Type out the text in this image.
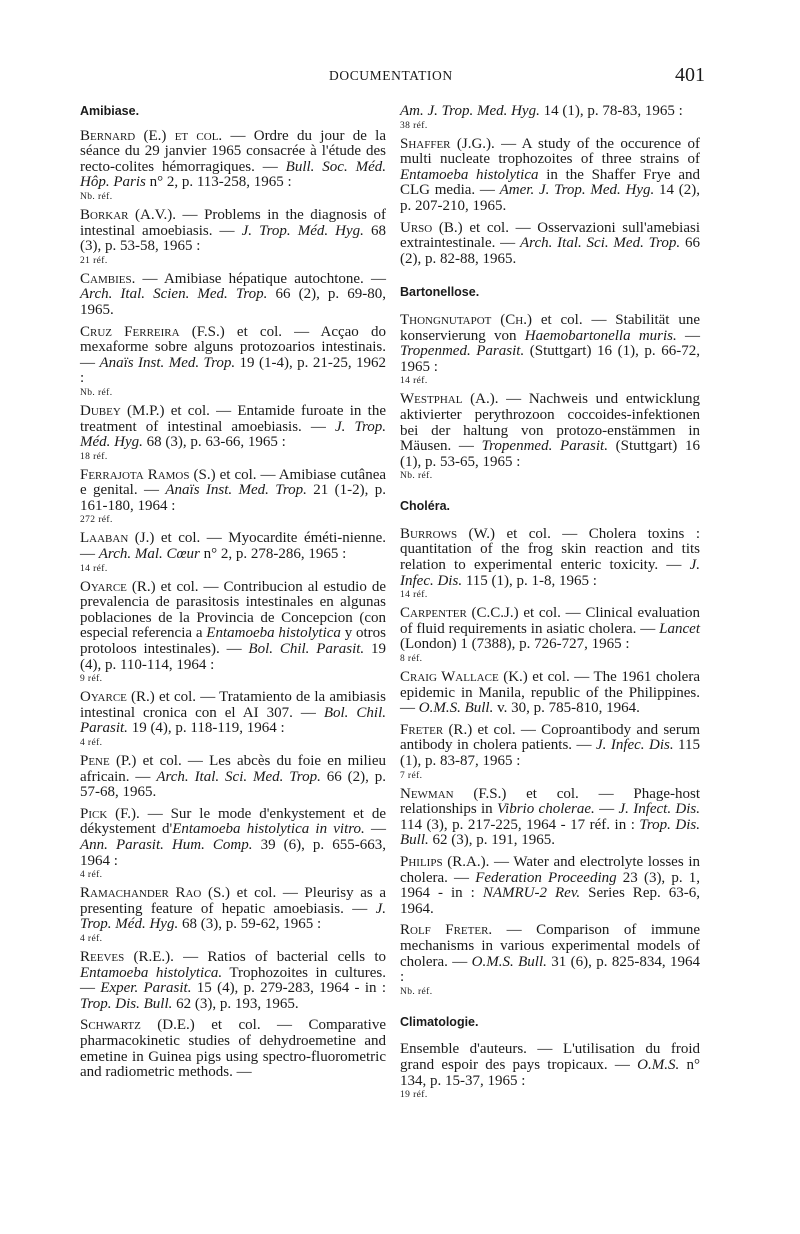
DOCUMENTATION	401
Amibiase.
Bernard (E.) et col. — Ordre du jour de la séance du 29 janvier 1965 consacrée à l'étude des recto-colites hémorragiques. — Bull. Soc. Méd. Hôp. Paris n° 2, p. 113-258, 1965 :
Nb. réf.
Borkar (A.V.). — Problems in the diagnosis of intestinal amoebiasis. — J. Trop. Méd. Hyg. 68 (3), p. 53-58, 1965 :
21 réf.
Cambies. — Amibiase hépatique autochtone. — Arch. Ital. Scien. Med. Trop. 66 (2), p. 69-80, 1965.
Cruz Ferreira (F.S.) et col. — Acçao do mexaforme sobre alguns protozoarios intestinais. — Anaïs Inst. Med. Trop. 19 (1-4), p. 21-25, 1962 :
Nb. réf.
Dubey (M.P.) et col. — Entamide furoate in the treatment of intestinal amoebiasis. — J. Trop. Méd. Hyg. 68 (3), p. 63-66, 1965 :
18 réf.
Ferrajota Ramos (S.) et col. — Amibiase cutânea e genital. — Anaïs Inst. Med. Trop. 21 (1-2), p. 161-180, 1964 :
272 réf.
Laaban (J.) et col. — Myocardite éméti-nienne. — Arch. Mal. Cœur n° 2, p. 278-286, 1965 :
14 réf.
Oyarce (R.) et col. — Contribucion al estudio de prevalencia de parasitosis intestinales en algunas poblaciones de la Provincia de Concepcion (con especial referencia a Entamoeba histolytica y otros protoloos intestinales). — Bol. Chil. Parasit. 19 (4), p. 110-114, 1964 :
9 réf.
Oyarce (R.) et col. — Tratamiento de la amibiasis intestinal cronica con el AI 307. — Bol. Chil. Parasit. 19 (4), p. 118-119, 1964 :
4 réf.
Pene (P.) et col. — Les abcès du foie en milieu africain. — Arch. Ital. Sci. Med. Trop. 66 (2), p. 57-68, 1965.
Pick (F.). — Sur le mode d'enkystement et de dékystement d'Entamoeba histolytica in vitro. — Ann. Parasit. Hum. Comp. 39 (6), p. 655-663, 1964 :
4 réf.
Ramachander Rao (S.) et col. — Pleurisy as a presenting feature of hepatic amoebiasis. — J. Trop. Méd. Hyg. 68 (3), p. 59-62, 1965 :
4 réf.
Reeves (R.E.). — Ratios of bacterial cells to Entamoeba histolytica. Trophozoites in cultures. — Exper. Parasit. 15 (4), p. 279-283, 1964 - in : Trop. Dis. Bull. 62 (3), p. 193, 1965.
Schwartz (D.E.) et col. — Comparative pharmacokinetic studies of dehydroemetine and emetine in Guinea pigs using spectro-fluorometric and radiometric methods. —
Am. J. Trop. Med. Hyg. 14 (1), p. 78-83, 1965 :
38 réf.
Shaffer (J.G.). — A study of the occurence of multi nucleate trophozoites of three strains of Entamoeba histolytica in the Shaffer Frye and CLG media. — Amer. J. Trop. Med. Hyg. 14 (2), p. 207-210, 1965.
Urso (B.) et col. — Osservazioni sull'amebiasi extraintestinale. — Arch. Ital. Sci. Med. Trop. 66 (2), p. 82-88, 1965.
Bartonellose.
Thongnutapot (Ch.) et col. — Stabilität une konservierung von Haemobartonella muris. — Tropenmed. Parasit. (Stuttgart) 16 (1), p. 66-72, 1965 :
14 réf.
Westphal (A.). — Nachweis und entwicklung aktivierter perythrozoon coccoides-infektionen bei der haltung von protozo-enstämmen in Mäusen. — Tropenmed. Parasit. (Stuttgart) 16 (1), p. 53-65, 1965 :
Nb. réf.
Choléra.
Burrows (W.) et col. — Cholera toxins : quantitation of the frog skin reaction and tits relation to experimental enteric toxicity. — J. Infec. Dis. 115 (1), p. 1-8, 1965 :
14 réf.
Carpenter (C.C.J.) et col. — Clinical evaluation of fluid requirements in asiatic cholera. — Lancet (London) 1 (7388), p. 726-727, 1965 :
8 réf.
Craig Wallace (K.) et col. — The 1961 cholera epidemic in Manila, republic of the Philippines. — O.M.S. Bull. v. 30, p. 785-810, 1964.
Freter (R.) et col. — Coproantibody and serum antibody in cholera patients. — J. Infec. Dis. 115 (1), p. 83-87, 1965 :
7 réf.
Newman (F.S.) et col. — Phage-host relationships in Vibrio cholerae. — J. Infect. Dis. 114 (3), p. 217-225, 1964 - 17 réf. in : Trop. Dis. Bull. 62 (3), p. 191, 1965.
Philips (R.A.). — Water and electrolyte losses in cholera. — Federation Proceeding 23 (3), p. 1, 1964 - in : NAMRU-2 Rev. Series Rep. 63-6, 1964.
Rolf Freter. — Comparison of immune mechanisms in various experimental models of cholera. — O.M.S. Bull. 31 (6), p. 825-834, 1964 :
Nb. réf.
Climatologie.
Ensemble d'auteurs. — L'utilisation du froid grand espoir des pays tropicaux. — O.M.S. n° 134, p. 15-37, 1965 :
19 réf.
